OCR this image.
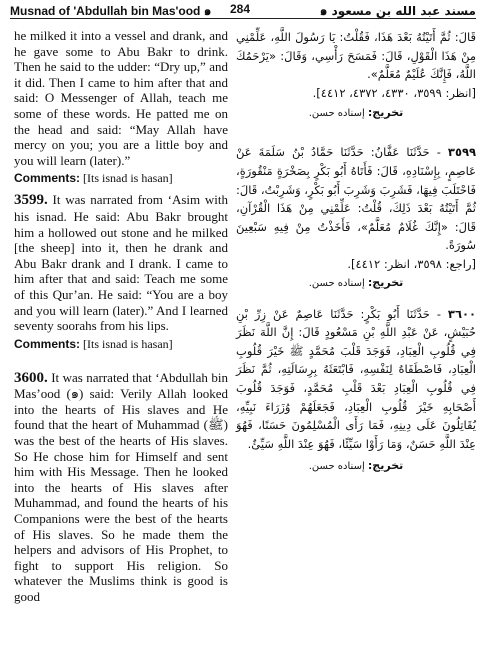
Musnad of 'Abdullah bin Mas'ood ๑ 284	مسند عبد الله بن مسعود ๑

he milked it into a vessel and drank, and he gave some to Abu Bakr to drink. Then he said to the udder: “Dry up,” and it did. Then I came to him after that and said: O Messenger of Allah, teach me some of these words. He patted me on the head and said: “May Allah have mercy on you; you are a little boy and you will learn (later).”

Comments: [Its isnad is hasan]

3599. It was narrated from ‘Asim with his isnad. He said: Abu Bakr brought him a hollowed out stone and he milked [the sheep] into it, then he drank and Abu Bakr drank and I drank. I came to him after that and said: Teach me some of this Qur’an. He said: “You are a boy and you will learn (later).” And I learned seventy soorahs from his lips.

Comments: [Its isnad is hasan]

3600. It was narrated that ‘Abdullah bin Mas’ood (๑) said: Verily Allah looked into the hearts of His slaves and He found that the heart of Muhammad (ﷺ) was the best of the hearts of His slaves. So He chose him for Himself and sent him with His Message. Then he looked into the hearts of His slaves after Muhammad, and found the hearts of his Companions were the best of the hearts of His slaves. So he made them the helpers and advisors of His Prophet, to fight to support His religion. So whatever the Muslims think is good is good

قَالَ: ثُمَّ أَتَيْتُهُ بَعْدَ هَذَا، فَقُلْتُ: يَا رَسُولَ اللَّهِ، عَلِّمْنِي مِنْ هَذَا الْقَوْلِ، قَالَ: فَمَسَحَ رَأْسِي، وَقَالَ: «يَرْحَمُكَ اللَّهُ، فَإِنَّكَ عُلَيْمٌ مُعَلَّمٌ».

[انظر: ٣٥٩٩، ٤٣٣٠، ٤٣٧٢، ٤٤١٢].

تخريج: إسناده حسن.

٣٥٩٩ - حَدَّثَنَا عَفَّانُ: حَدَّثَنَا حَمَّادُ بْنُ سَلَمَةَ عَنْ عَاصِمٍ، بِإِسْنَادِهِ، قَالَ: فَأَتَاهُ أَبُو بَكْرٍ بِصَخْرَةٍ مَنْقُورَةٍ، فَاحْتَلَبَ فِيهَا، فَشَرِبَ وَشَرِبَ أَبُو بَكْرٍ، وَشَرِبْتُ، قَالَ: ثُمَّ أَتَيْتُهُ بَعْدَ ذَلِكَ، قُلْتُ: عَلِّمْنِي مِنْ هَذَا الْقُرْآنِ، قَالَ: «إِنَّكَ غُلَامٌ مُعَلَّمٌ»، فَأَخَذْتُ مِنْ فِيهِ سَبْعِينَ سُورَةً.

[راجع: ٣٥٩٨، انظر: ٤٤١٢].

تخريج: إسناده حسن.

٣٦٠٠ - حَدَّثَنَا أَبُو بَكْرٍ: حَدَّثَنَا عَاصِمٌ عَنْ زِرِّ بْنِ حُبَيْشٍ، عَنْ عَبْدِ اللَّهِ بْنِ مَسْعُودٍ قَالَ: إِنَّ اللَّهَ نَظَرَ فِي قُلُوبِ الْعِبَادِ، فَوَجَدَ قَلْبَ مُحَمَّدٍ ﷺ خَيْرَ قُلُوبِ الْعِبَادِ، فَاصْطَفَاهُ لِنَفْسِهِ، فَابْتَعَثَهُ بِرِسَالَتِهِ، ثُمَّ نَظَرَ فِي قُلُوبِ الْعِبَادِ بَعْدَ قَلْبِ مُحَمَّدٍ، فَوَجَدَ قُلُوبَ أَصْحَابِهِ خَيْرَ قُلُوبِ الْعِبَادِ، فَجَعَلَهُمْ وُزَرَاءَ نَبِيِّهِ، يُقَاتِلُونَ عَلَى دِينِهِ، فَمَا رَأَى الْمُسْلِمُونَ حَسَنًا، فَهُوَ عِنْدَ اللَّهِ حَسَنٌ، وَمَا رَأَوْا سَيِّئًا، فَهُوَ عِنْدَ اللَّهِ سَيِّئٌ.

تخريج: إسناده حسن.
